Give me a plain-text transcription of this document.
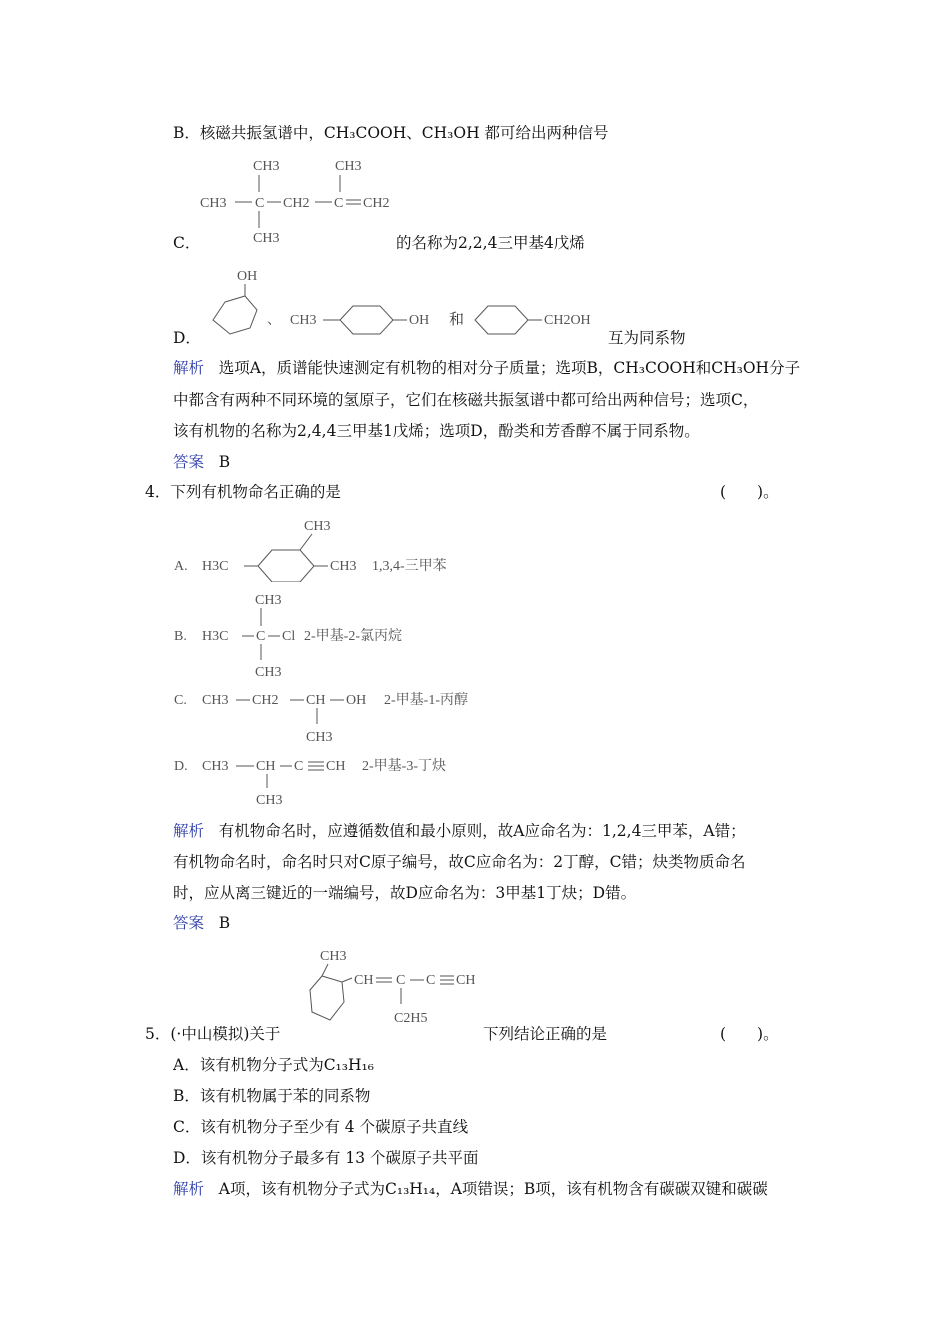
B．核磁共振氢谱中，CH₃COOH、CH₃OH 都可给出两种信号
CH3	CH3
CH3 C CH2 C CH2
CH3
C．	的名称为2,2,4三甲基4戊烯
OH
、 CH3	OH 和	CH2OH
D．	互为同系物
解析 选项A，质谱能快速测定有机物的相对分子质量；选项B，CH₃COOH和CH₃OH分子
中都含有两种不同环境的氢原子，它们在核磁共振氢谱中都可给出两种信号；选项C，
该有机物的名称为2,4,4三甲基1戊烯；选项D，酚类和芳香醇不属于同系物。
答案 B
4．下列有机物命名正确的是	(　　)。
A. H3C
CH3
CH3 1,3,4-三甲苯
CH3
B. H3C C Cl 2-甲基-2-氯丙烷
CH3
C. CH3 CH2 CH OH 2-甲基-1-丙醇
CH3
D. CH3 CH C CH 2-甲基-3-丁炔
CH3
解析 有机物命名时，应遵循数值和最小原则，故A应命名为：1,2,4三甲苯，A错；
有机物命名时，命名时只对C原子编号，故C应命名为：2丁醇，C错；炔类物质命名
时，应从离三键近的一端编号，故D应命名为：3甲基1丁炔；D错。
答案 B
CH3
CH C C CH
C2H5
5．(·中山模拟)关于	下列结论正确的是	(　　)。
A．该有机物分子式为C₁₃H₁₆
B．该有机物属于苯的同系物
C．该有机物分子至少有 4 个碳原子共直线
D．该有机物分子最多有 13 个碳原子共平面
解析 A项，该有机物分子式为C₁₃H₁₄，A项错误；B项，该有机物含有碳碳双键和碳碳
